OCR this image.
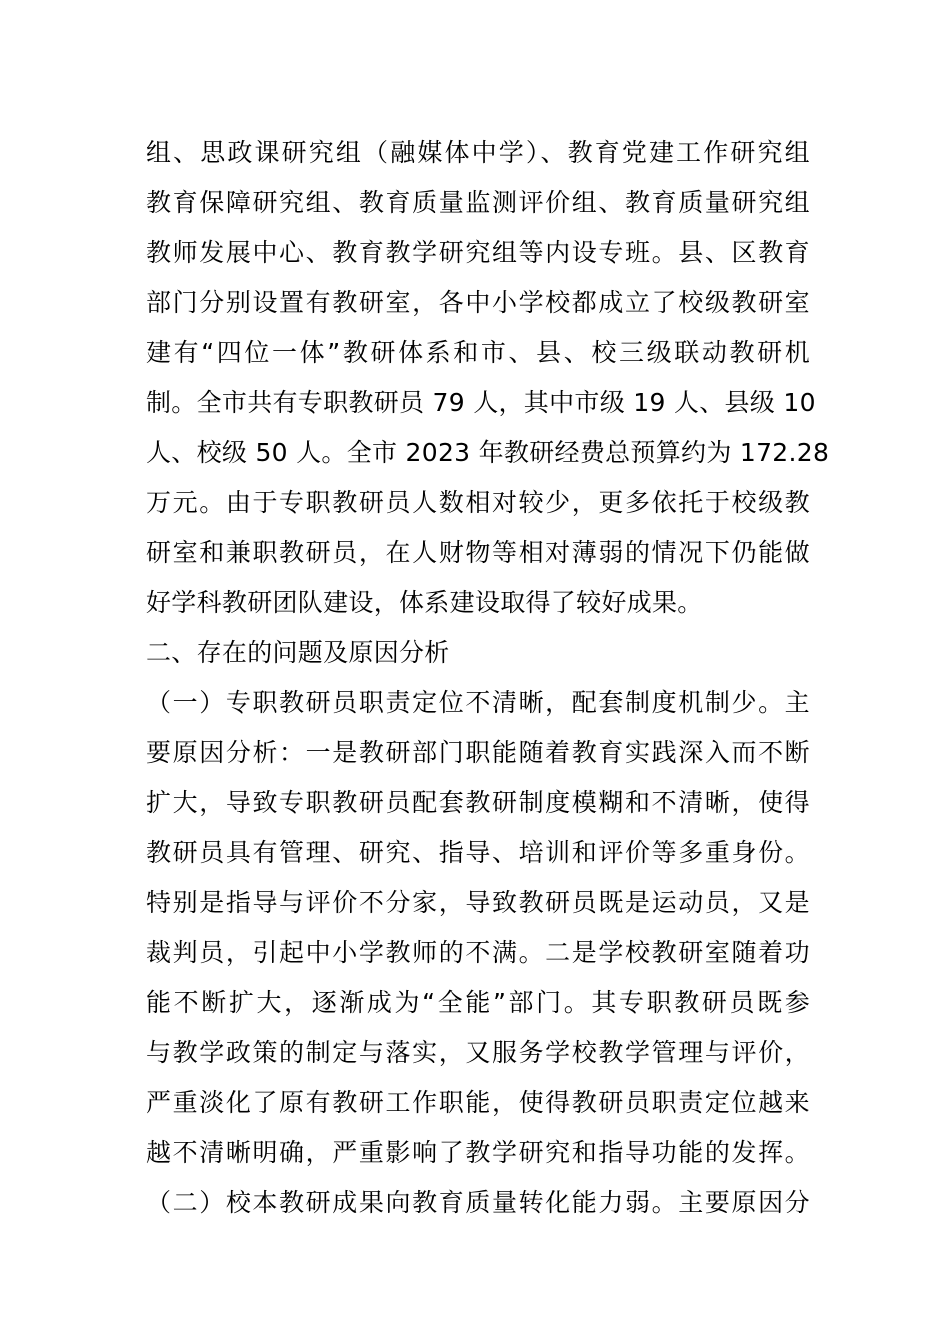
组、思政课研究组（融媒体中学）、教育党建工作研究组
教育保障研究组、教育质量监测评价组、教育质量研究组
教师发展中心、教育教学研究组等内设专班。县、区教育
部门分别设置有教研室，各中小学校都成立了校级教研室
建有“四位一体”教研体系和市、县、校三级联动教研机
制。全市共有专职教研员 79 人，其中市级 19 人、县级 10
人、校级 50 人。全市 2023 年教研经费总预算约为 172.28
万元。由于专职教研员人数相对较少，更多依托于校级教
研室和兼职教研员，在人财物等相对薄弱的情况下仍能做
好学科教研团队建设，体系建设取得了较好成果。
二、存在的问题及原因分析
（一）专职教研员职责定位不清晰，配套制度机制少。主
要原因分析：一是教研部门职能随着教育实践深入而不断
扩大，导致专职教研员配套教研制度模糊和不清晰，使得
教研员具有管理、研究、指导、培训和评价等多重身份。
特别是指导与评价不分家，导致教研员既是运动员，又是
裁判员，引起中小学教师的不满。二是学校教研室随着功
能不断扩大，逐渐成为“全能”部门。其专职教研员既参
与教学政策的制定与落实，又服务学校教学管理与评价，
严重淡化了原有教研工作职能，使得教研员职责定位越来
越不清晰明确，严重影响了教学研究和指导功能的发挥。
（二）校本教研成果向教育质量转化能力弱。主要原因分
